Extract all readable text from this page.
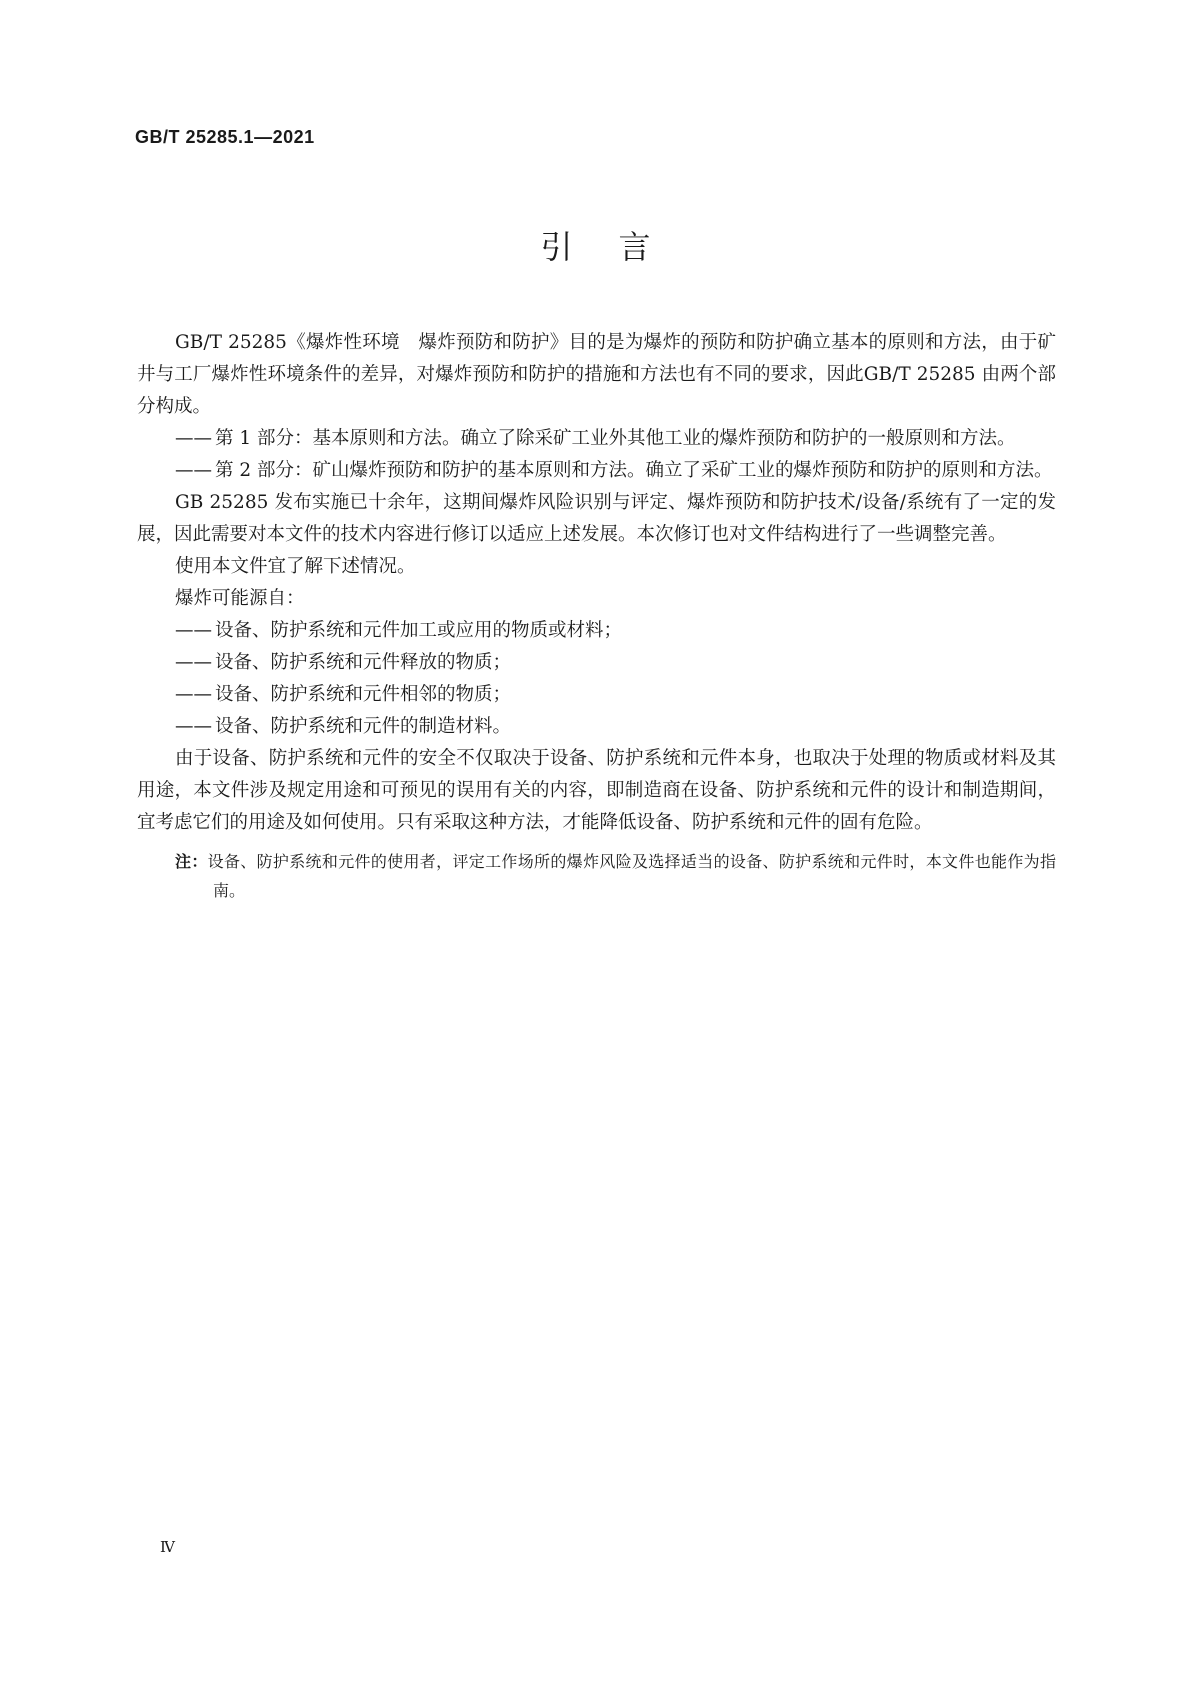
GB/T 25285.1—2021
引言

GB/T 25285《爆炸性环境　爆炸预防和防护》目的是为爆炸的预防和防护确立基本的原则和方法，由于矿井与工厂爆炸性环境条件的差异，对爆炸预防和防护的措施和方法也有不同的要求，因此GB/T 25285 由两个部分构成。

—— 第 1 部分：基本原则和方法。确立了除采矿工业外其他工业的爆炸预防和防护的一般原则和方法。

—— 第 2 部分：矿山爆炸预防和防护的基本原则和方法。确立了采矿工业的爆炸预防和防护的原则和方法。

GB 25285 发布实施已十余年，这期间爆炸风险识别与评定、爆炸预防和防护技术/设备/系统有了一定的发展，因此需要对本文件的技术内容进行修订以适应上述发展。本次修订也对文件结构进行了一些调整完善。

使用本文件宜了解下述情况。

爆炸可能源自：

—— 设备、防护系统和元件加工或应用的物质或材料；

—— 设备、防护系统和元件释放的物质；

—— 设备、防护系统和元件相邻的物质；

—— 设备、防护系统和元件的制造材料。

由于设备、防护系统和元件的安全不仅取决于设备、防护系统和元件本身，也取决于处理的物质或材料及其用途，本文件涉及规定用途和可预见的误用有关的内容，即制造商在设备、防护系统和元件的设计和制造期间，宜考虑它们的用途及如何使用。只有采取这种方法，才能降低设备、防护系统和元件的固有危险。

注：设备、防护系统和元件的使用者，评定工作场所的爆炸风险及选择适当的设备、防护系统和元件时，本文件也能作为指南。

Ⅳ
